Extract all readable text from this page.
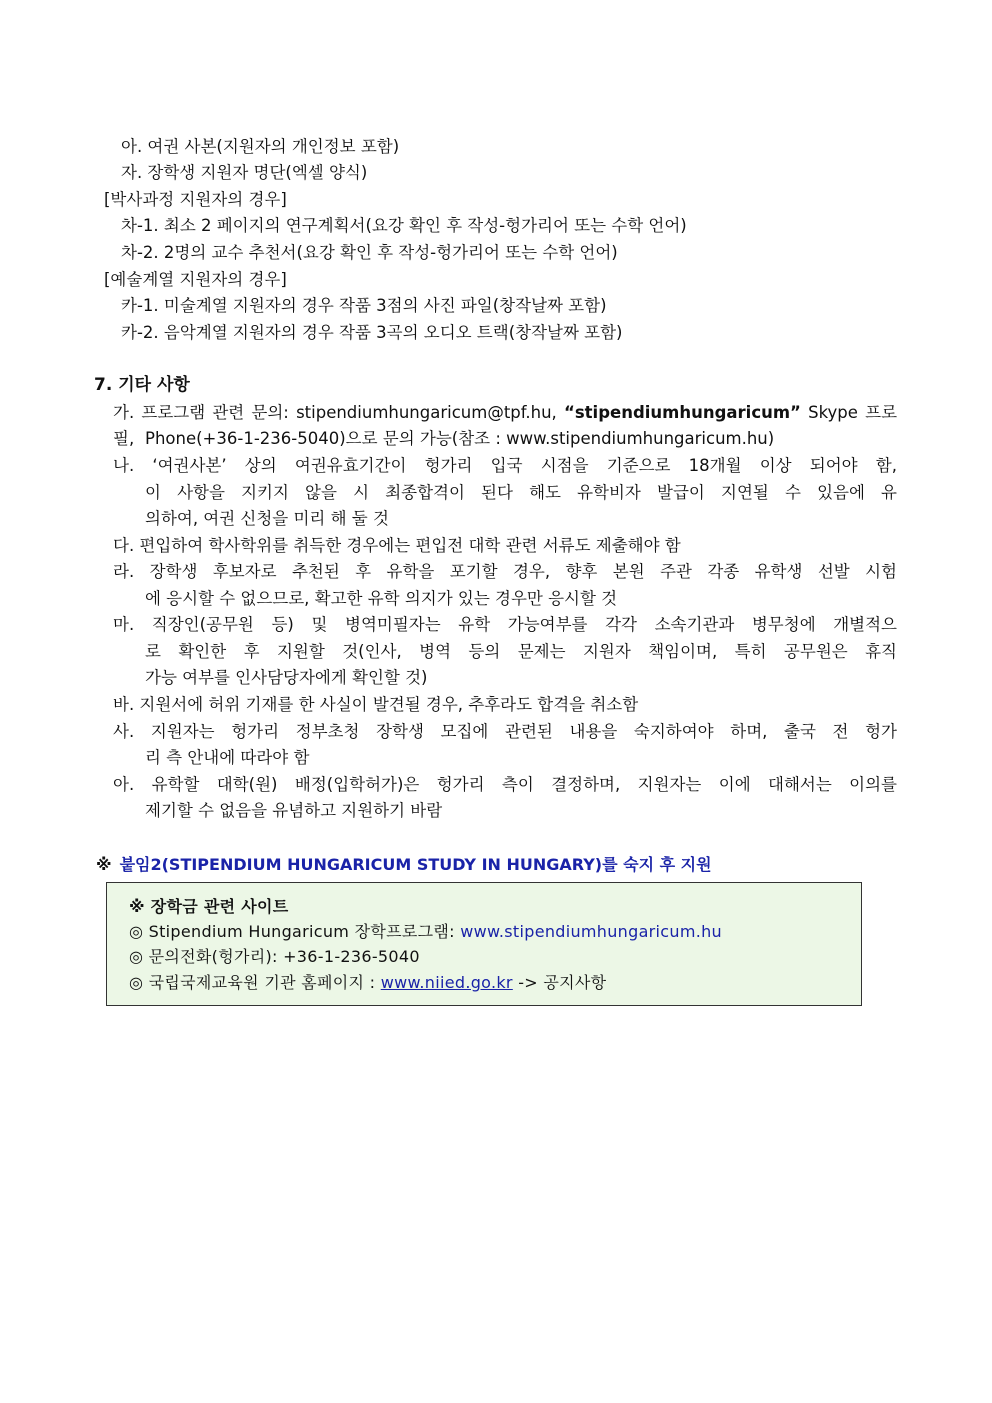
아. 여권 사본(지원자의 개인정보 포함)
자. 장학생 지원자 명단(엑셀 양식)
[박사과정 지원자의 경우]
차-1. 최소 2 페이지의 연구계획서(요강 확인 후 작성-헝가리어 또는 수학 언어)
차-2. 2명의 교수 추천서(요강 확인 후 작성-헝가리어 또는 수학 언어)
[예술계열 지원자의 경우]
카-1. 미술계열 지원자의 경우 작품 3점의 사진 파일(창작날짜 포함)
카-2. 음악계열 지원자의 경우 작품 3곡의 오디오 트랙(창작날짜 포함)
7. 기타 사항
가. 프로그램 관련 문의: stipendiumhungaricum@tpf.hu, “stipendiumhungaricum” Skype 프로필, Phone(+36-1-236-5040)으로 문의 가능(참조 : www.stipendiumhungaricum.hu)
나. ‘여권사본’ 상의 여권유효기간이 헝가리 입국 시점을 기준으로 18개월 이상 되어야 함,
이 사항을 지키지 않을 시 최종합격이 된다 해도 유학비자 발급이 지연될 수 있음에 유
의하여, 여권 신청을 미리 해 둘 것
다. 편입하여 학사학위를 취득한 경우에는 편입전 대학 관련 서류도 제출해야 함
라. 장학생 후보자로 추천된 후 유학을 포기할 경우, 향후 본원 주관 각종 유학생 선발 시험
에 응시할 수 없으므로, 확고한 유학 의지가 있는 경우만 응시할 것
마. 직장인(공무원 등) 및 병역미필자는 유학 가능여부를 각각 소속기관과 병무청에 개별적으
로 확인한 후 지원할 것(인사, 병역 등의 문제는 지원자 책임이며, 특히 공무원은 휴직
가능 여부를 인사담당자에게 확인할 것)
바. 지원서에 허위 기재를 한 사실이 발견될 경우, 추후라도 합격을 취소함
사. 지원자는 헝가리 정부초청 장학생 모집에 관련된 내용을 숙지하여야 하며, 출국 전 헝가
리 측 안내에 따라야 함
아. 유학할 대학(원) 배정(입학허가)은 헝가리 측이 결정하며, 지원자는 이에 대해서는 이의를
제기할 수 없음을 유념하고 지원하기 바람
※ 붙임2(STIPENDIUM HUNGARICUM STUDY IN HUNGARY)를 숙지 후 지원
※ 장학금 관련 사이트
◎ Stipendium Hungaricum 장학프로그램: www.stipendiumhungaricum.hu
◎ 문의전화(헝가리): +36-1-236-5040
◎ 국립국제교육원 기관 홈페이지 : www.niied.go.kr -> 공지사항
